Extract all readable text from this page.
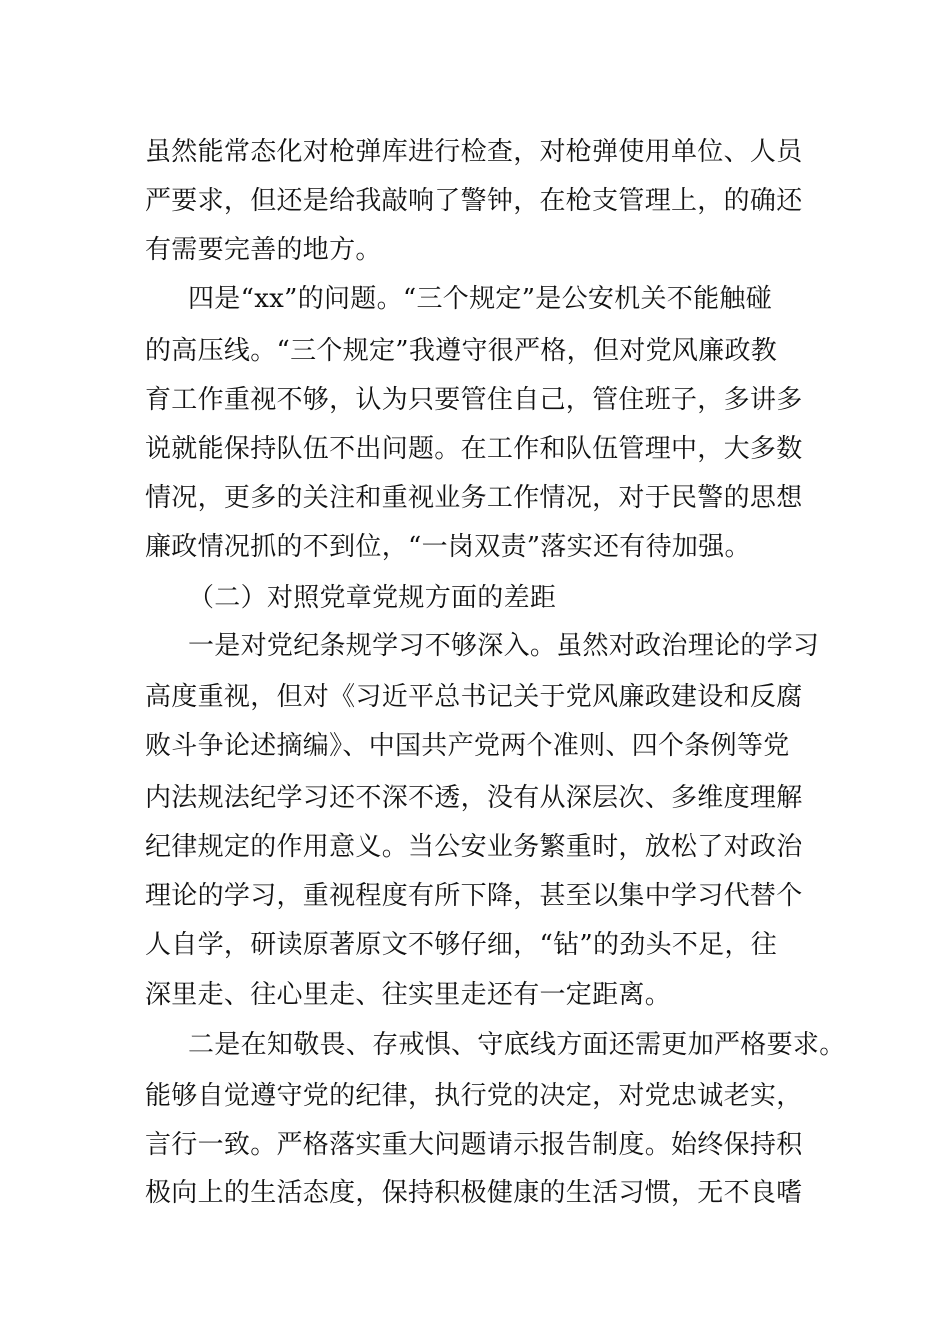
虽然能常态化对枪弹库进行检查，对枪弹使用单位、人员
严要求，但还是给我敲响了警钟，在枪支管理上，的确还
有需要完善的地方。
四是“xx”的问题。“三个规定”是公安机关不能触碰
的高压线。“三个规定”我遵守很严格，但对党风廉政教
育工作重视不够，认为只要管住自己，管住班子，多讲多
说就能保持队伍不出问题。在工作和队伍管理中，大多数
情况，更多的关注和重视业务工作情况，对于民警的思想
廉政情况抓的不到位，“一岗双责”落实还有待加强。
（二）对照党章党规方面的差距
一是对党纪条规学习不够深入。虽然对政治理论的学习
高度重视，但对《习近平总书记关于党风廉政建设和反腐
败斗争论述摘编》、中国共产党两个准则、四个条例等党
内法规法纪学习还不深不透，没有从深层次、多维度理解
纪律规定的作用意义。当公安业务繁重时，放松了对政治
理论的学习，重视程度有所下降，甚至以集中学习代替个
人自学，研读原著原文不够仔细，“钻”的劲头不足，往
深里走、往心里走、往实里走还有一定距离。
二是在知敬畏、存戒惧、守底线方面还需更加严格要求。
能够自觉遵守党的纪律，执行党的决定，对党忠诚老实，
言行一致。严格落实重大问题请示报告制度。始终保持积
极向上的生活态度，保持积极健康的生活习惯，无不良嗜
